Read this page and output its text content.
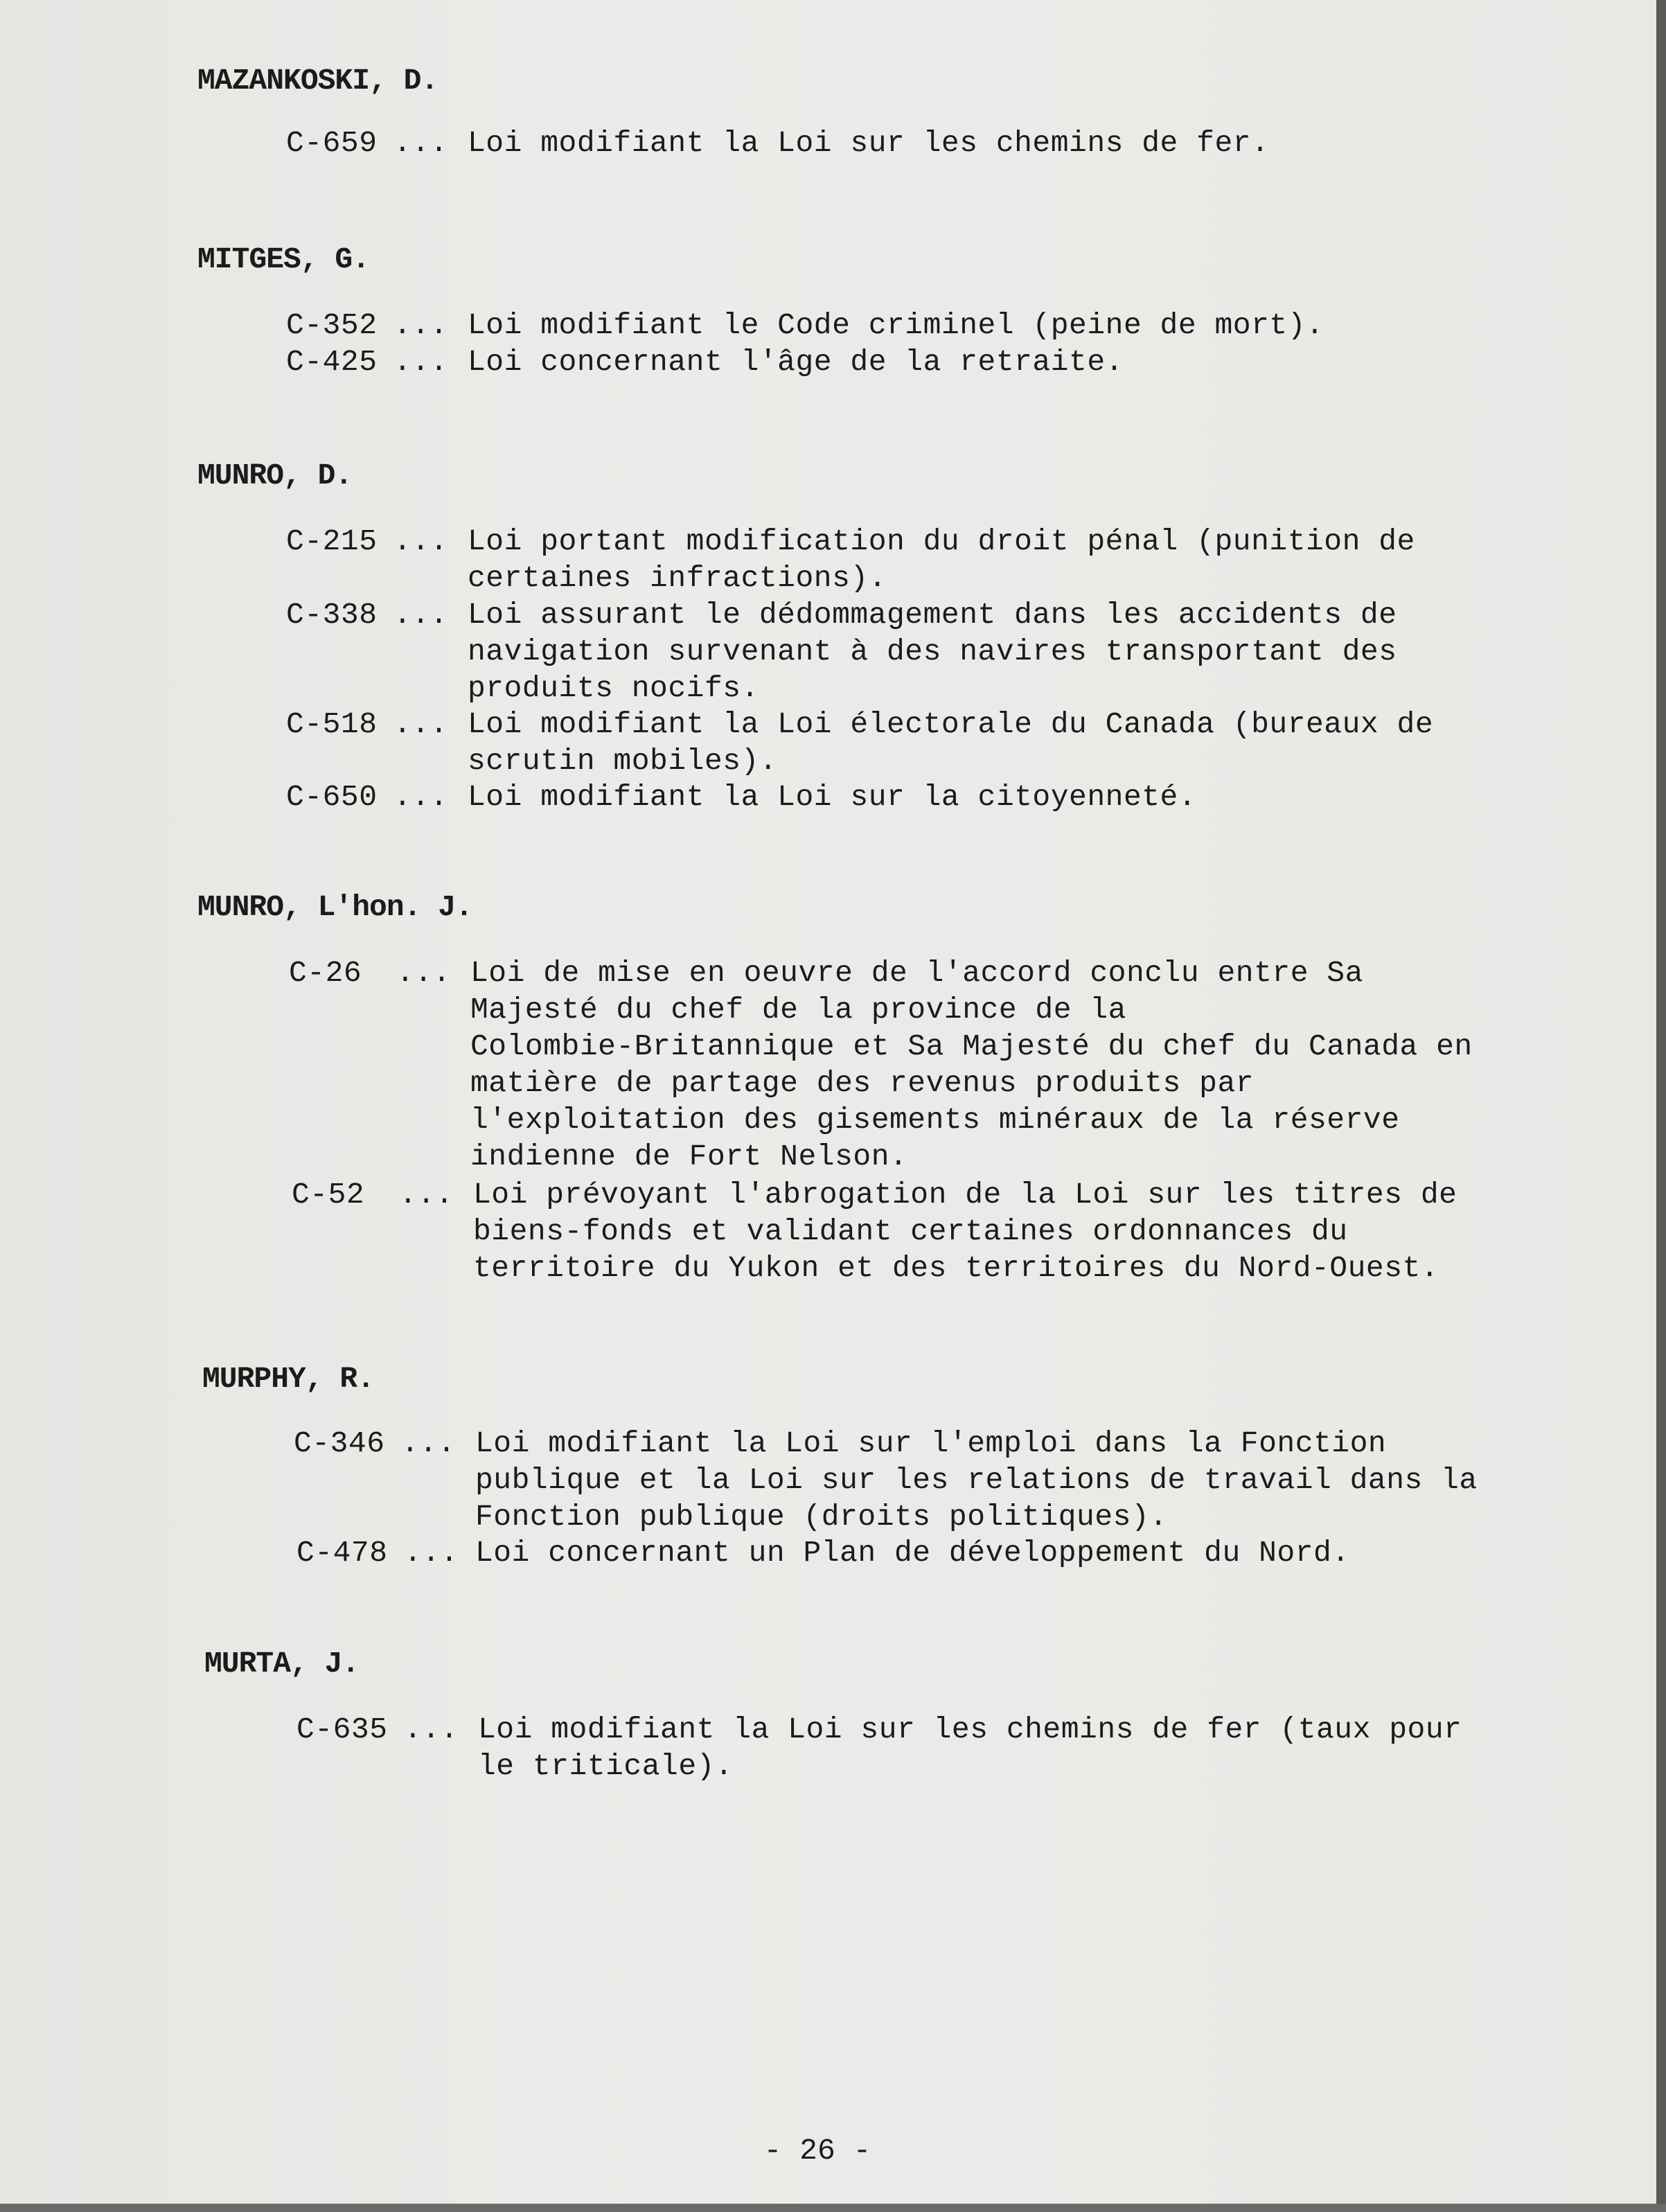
MAZANKOSKI, D.
C-659 ... Loi modifiant la Loi sur les chemins de fer.
MITGES, G.
C-352 ... Loi modifiant le Code criminel (peine de mort).
C-425 ... Loi concernant l'âge de la retraite.
MUNRO, D.
C-215 ... Loi portant modification du droit pénal (punition de
certaines infractions).
C-338 ... Loi assurant le dédommagement dans les accidents de
navigation survenant à des navires transportant des
produits nocifs.
C-518 ... Loi modifiant la Loi électorale du Canada (bureaux de
scrutin mobiles).
C-650 ... Loi modifiant la Loi sur la citoyenneté.
MUNRO, L'hon. J.
C-26 ... Loi de mise en oeuvre de l'accord conclu entre Sa
Majesté du chef de la province de la
Colombie-Britannique et Sa Majesté du chef du Canada en
matière de partage des revenus produits par
l'exploitation des gisements minéraux de la réserve
indienne de Fort Nelson.
C-52 ... Loi prévoyant l'abrogation de la Loi sur les titres de
biens-fonds et validant certaines ordonnances du
territoire du Yukon et des territoires du Nord-Ouest.
MURPHY, R.
C-346 ... Loi modifiant la Loi sur l'emploi dans la Fonction
publique et la Loi sur les relations de travail dans la
Fonction publique (droits politiques).
C-478 ... Loi concernant un Plan de développement du Nord.
MURTA, J.
C-635 ... Loi modifiant la Loi sur les chemins de fer (taux pour
le triticale).
- 26 -
